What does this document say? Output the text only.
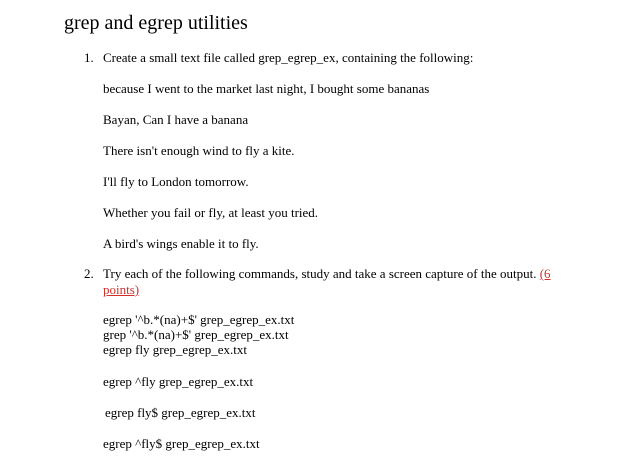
grep and egrep utilities
1. Create a small text file called grep_egrep_ex, containing the following:
because I went to the market last night, I bought some bananas
Bayan, Can I have a banana
There isn't enough wind to fly a kite.
I'll fly to London tomorrow.
Whether you fail or fly, at least you tried.
A bird's wings enable it to fly.
2. Try each of the following commands, study and take a screen capture of the output. (6
points)
egrep '^b.*(na)+$' grep_egrep_ex.txt
grep '^b.*(na)+$' grep_egrep_ex.txt
egrep fly grep_egrep_ex.txt
egrep ^fly grep_egrep_ex.txt
egrep fly$ grep_egrep_ex.txt
egrep ^fly$ grep_egrep_ex.txt
